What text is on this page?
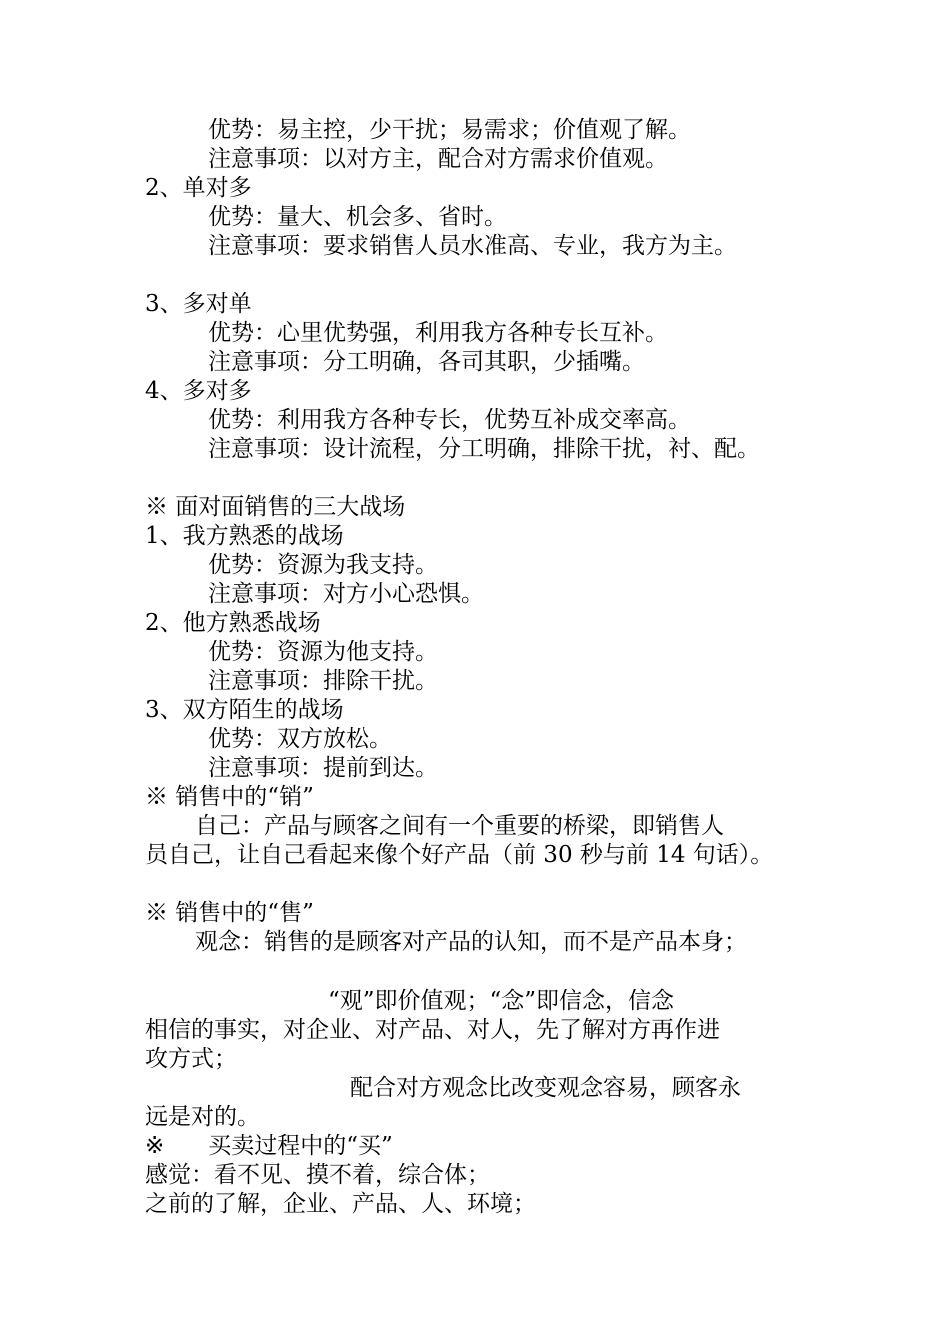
优势：易主控，少干扰；易需求；价值观了解。
注意事项：以对方主，配合对方需求价值观。
2、单对多
优势：量大、机会多、省时。
注意事项：要求销售人员水准高、专业，我方为主。
3、多对单
优势：心里优势强，利用我方各种专长互补。
注意事项：分工明确，各司其职，少插嘴。
4、多对多
优势：利用我方各种专长，优势互补成交率高。
注意事项：设计流程，分工明确，排除干扰，衬、配。
※ 面对面销售的三大战场
1、我方熟悉的战场
优势：资源为我支持。
注意事项：对方小心恐惧。
2、他方熟悉战场
优势：资源为他支持。
注意事项：排除干扰。
3、双方陌生的战场
优势：双方放松。
注意事项：提前到达。
※ 销售中的“销”
自己：产品与顾客之间有一个重要的桥梁，即销售人
员自己，让自己看起来像个好产品（前 30 秒与前 14 句话）。
※ 销售中的“售”
观念：销售的是顾客对产品的认知，而不是产品本身；
“观”即价值观；“念”即信念，信念
相信的事实，对企业、对产品、对人，先了解对方再作进
攻方式；
配合对方观念比改变观念容易，顾客永
远是对的。
※ 买卖过程中的“买”
感觉：看不见、摸不着，综合体；
之前的了解，企业、产品、人、环境；
